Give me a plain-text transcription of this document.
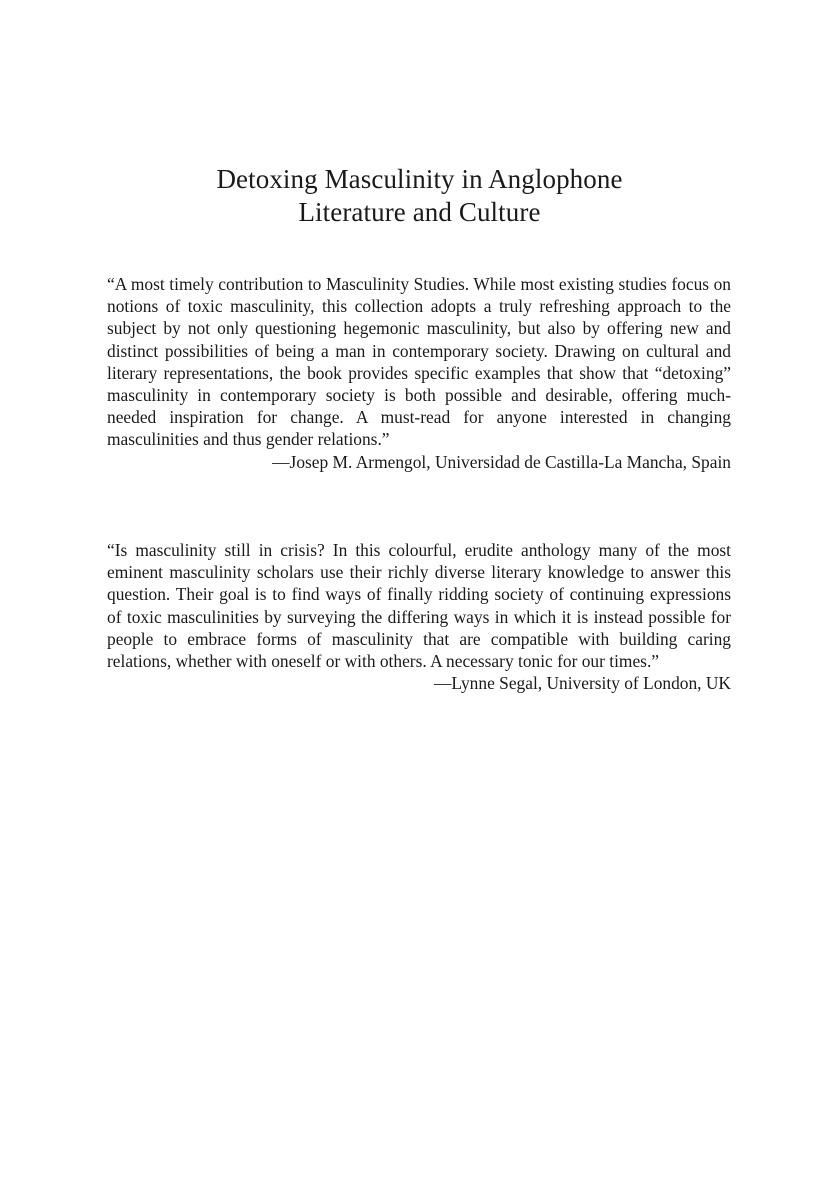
Detoxing Masculinity in Anglophone
Literature and Culture

“A most timely contribution to Masculinity Studies. While most existing studies focus on notions of toxic masculinity, this collection adopts a truly refreshing approach to the subject by not only questioning hegemonic masculinity, but also by offering new and distinct possibilities of being a man in contemporary society. Drawing on cultural and literary representations, the book provides specific examples that show that “detoxing” masculinity in contemporary society is both possible and desirable, offering much-needed inspiration for change. A must-read for anyone interested in changing masculinities and thus gender relations.”

—Josep M. Armengol, Universidad de Castilla-La Mancha, Spain

“Is masculinity still in crisis? In this colourful, erudite anthology many of the most eminent masculinity scholars use their richly diverse literary knowledge to answer this question. Their goal is to find ways of finally ridding society of continuing expressions of toxic masculinities by surveying the differing ways in which it is instead possible for people to embrace forms of masculinity that are compatible with building caring relations, whether with oneself or with others. A necessary tonic for our times.”

—Lynne Segal, University of London, UK
